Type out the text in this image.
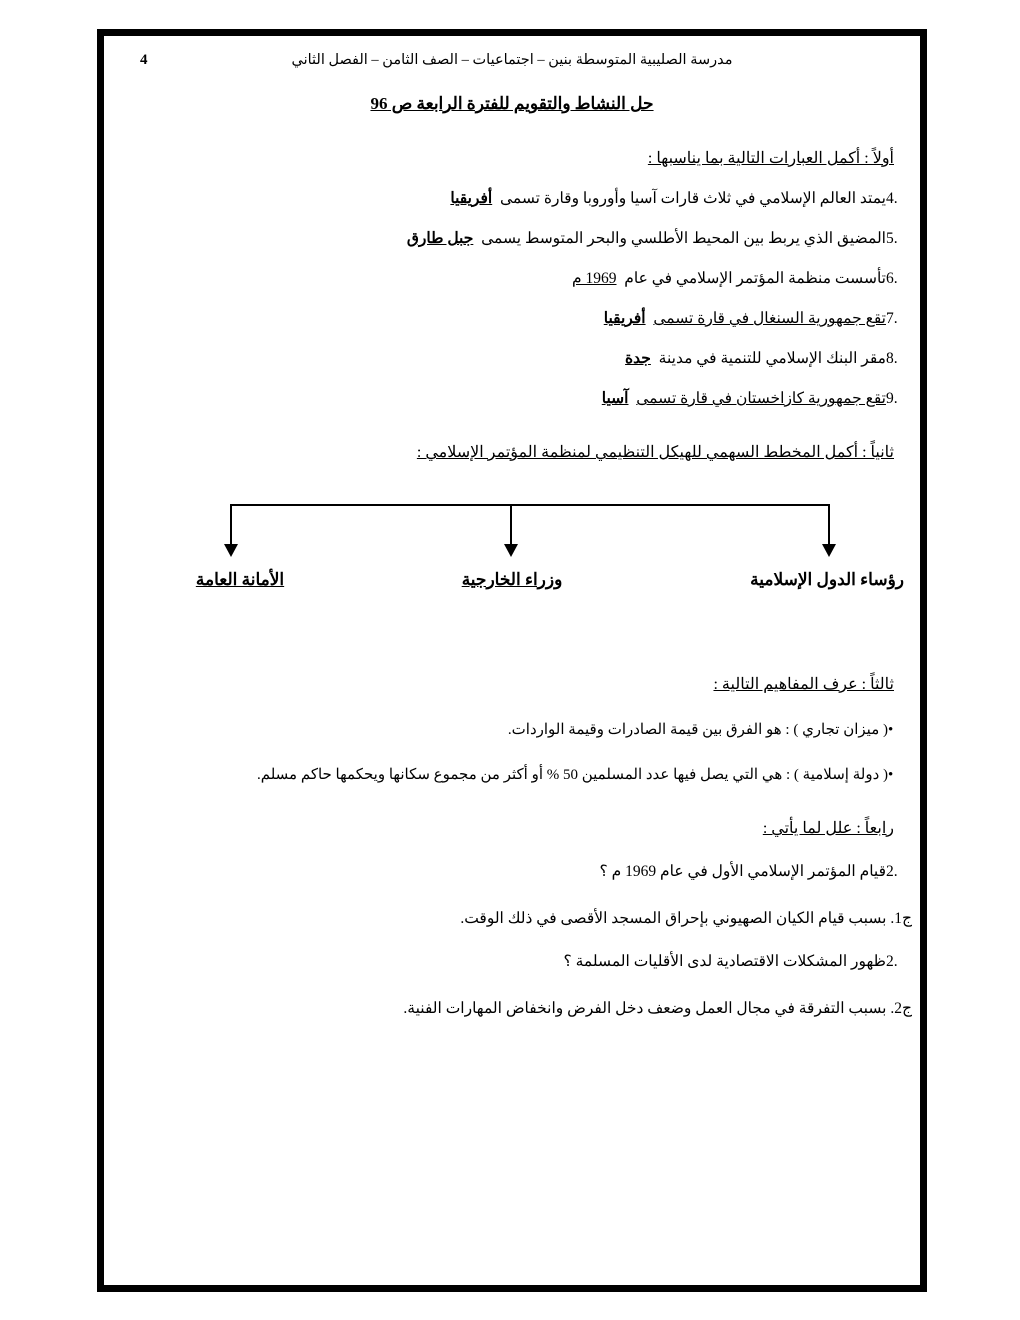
4	مدرسة الصليبية المتوسطة بنين – اجتماعيات – الصف الثامن – الفصل الثاني
حل النشاط والتقويم للفترة الرابعة ص 96
أولاً : أكمل العبارات التالية بما يناسبها :
4.
يمتد العالم الإسلامي في ثلاث قارات آسيا وأوروبا وقارة تسمى  أفريقيا
5.
المضيق الذي يربط بين المحيط الأطلسي والبحر المتوسط يسمى  جبل طارق
6.
تأسست منظمة المؤتمر الإسلامي في عام  1969 م
7.
تقع جمهورية السنغال في قارة تسمى  أفريقيا
8.
مقر البنك الإسلامي للتنمية في مدينة  جدة
9.
تقع جمهورية كازاخستان في قارة تسمى  آسيا
ثانياً : أكمل المخطط السهمي للهيكل التنظيمي لمنظمة المؤتمر الإسلامي :
رؤساء الدول الإسلامية
وزراء الخارجية
الأمانة العامة
ثالثاً : عرف المفاهيم التالية :
•
( ميزان تجاري ) : هو الفرق بين قيمة الصادرات وقيمة الواردات.
•
( دولة إسلامية ) : هي التي يصل فيها عدد المسلمين 50 % أو أكثر من مجموع سكانها ويحكمها حاكم مسلم.
رابعاً : علل لما يأتي :
2.
قيام المؤتمر الإسلامي الأول في عام 1969 م ؟
ج1. بسبب قيام الكيان الصهيوني بإحراق المسجد الأقصى في ذلك الوقت.
2.
ظهور المشكلات الاقتصادية لدى الأقليات المسلمة ؟
ج2. بسبب التفرقة في مجال العمل وضعف دخل الفرض وانخفاض المهارات الفنية.
